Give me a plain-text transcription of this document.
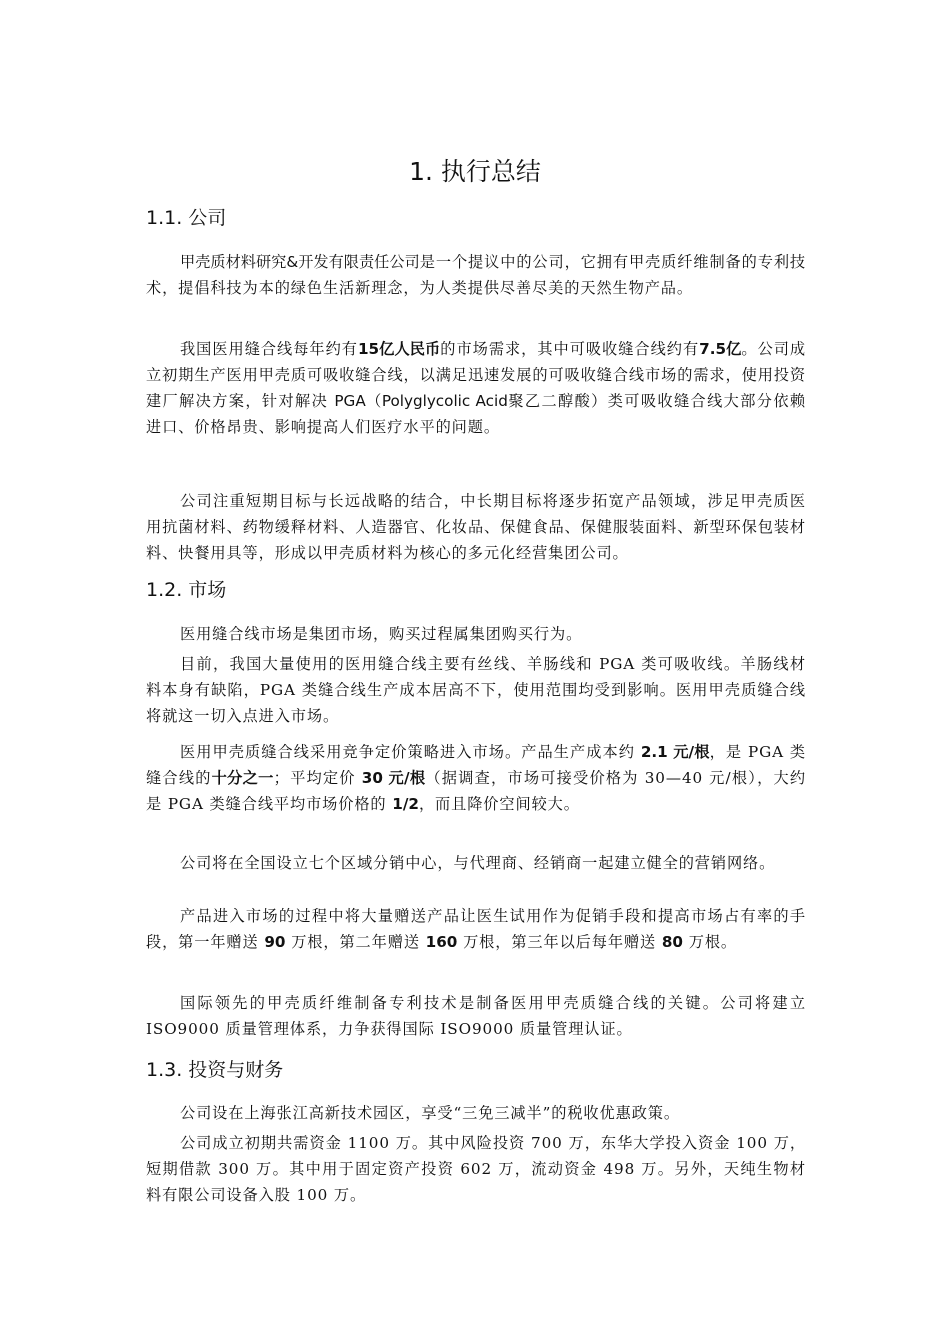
1. 执行总结
1.1. 公司

甲壳质材料研究&开发有限责任公司是一个提议中的公司，它拥有甲壳质纤维制备的专利技术，提倡科技为本的绿色生活新理念，为人类提供尽善尽美的天然生物产品。

我国医用缝合线每年约有15亿人民币的市场需求，其中可吸收缝合线约有7.5亿。公司成立初期生产医用甲壳质可吸收缝合线，以满足迅速发展的可吸收缝合线市场的需求，使用投资建厂解决方案，针对解决 PGA（Polyglycolic Acid聚乙二醇酸）类可吸收缝合线大部分依赖进口、价格昂贵、影响提高人们医疗水平的问题。

公司注重短期目标与长远战略的结合，中长期目标将逐步拓宽产品领域，涉足甲壳质医用抗菌材料、药物缓释材料、人造器官、化妆品、保健食品、保健服装面料、新型环保包装材料、快餐用具等，形成以甲壳质材料为核心的多元化经营集团公司。

1.2. 市场

医用缝合线市场是集团市场，购买过程属集团购买行为。

目前，我国大量使用的医用缝合线主要有丝线、羊肠线和 PGA 类可吸收线。羊肠线材料本身有缺陷，PGA 类缝合线生产成本居高不下，使用范围均受到影响。医用甲壳质缝合线将就这一切入点进入市场。

医用甲壳质缝合线采用竞争定价策略进入市场。产品生产成本约 2.1 元/根，是 PGA 类缝合线的十分之一；平均定价 30 元/根（据调查，市场可接受价格为 30—40 元/根），大约是 PGA 类缝合线平均市场价格的 1/2，而且降价空间较大。

公司将在全国设立七个区域分销中心，与代理商、经销商一起建立健全的营销网络。

产品进入市场的过程中将大量赠送产品让医生试用作为促销手段和提高市场占有率的手段，第一年赠送 90 万根，第二年赠送 160 万根，第三年以后每年赠送 80 万根。

国际领先的甲壳质纤维制备专利技术是制备医用甲壳质缝合线的关键。公司将建立 ISO9000 质量管理体系，力争获得国际 ISO9000 质量管理认证。

1.3. 投资与财务

公司设在上海张江高新技术园区，享受“三免三减半”的税收优惠政策。

公司成立初期共需资金 1100 万。其中风险投资 700 万，东华大学投入资金 100 万，短期借款 300 万。其中用于固定资产投资 602 万，流动资金 498 万。另外，天纯生物材料有限公司设备入股 100 万。
